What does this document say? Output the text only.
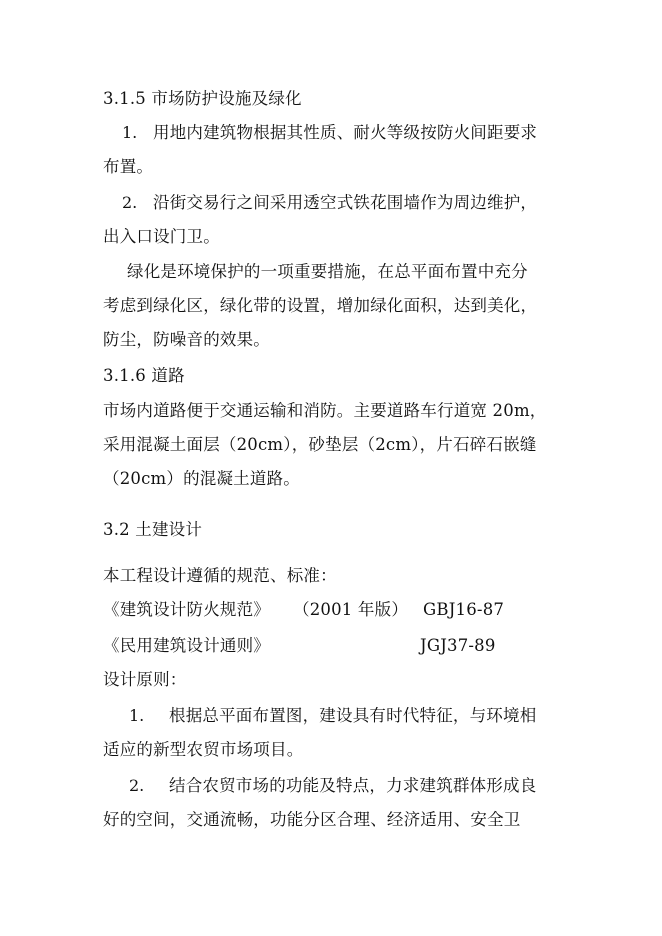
3.1.5 市场防护设施及绿化
1. 用地内建筑物根据其性质、耐火等级按防火间距要求
布置。
2. 沿街交易行之间采用透空式铁花围墙作为周边维护，
出入口设门卫。
绿化是环境保护的一项重要措施，在总平面布置中充分
考虑到绿化区，绿化带的设置，增加绿化面积，达到美化，
防尘，防噪音的效果。
3.1.6 道路
市场内道路便于交通运输和消防。主要道路车行道宽 20m，
采用混凝土面层（20cm），砂垫层（2cm），片石碎石嵌缝
（20cm）的混凝土道路。
3.2 土建设计
本工程设计遵循的规范、标准：
《建筑设计防火规范》 （2001 年版） GBJ16-87
《民用建筑设计通则》	JGJ37-89
设计原则：
1. 根据总平面布置图，建设具有时代特征，与环境相
适应的新型农贸市场项目。
2. 结合农贸市场的功能及特点，力求建筑群体形成良
好的空间，交通流畅，功能分区合理、经济适用、安全卫
